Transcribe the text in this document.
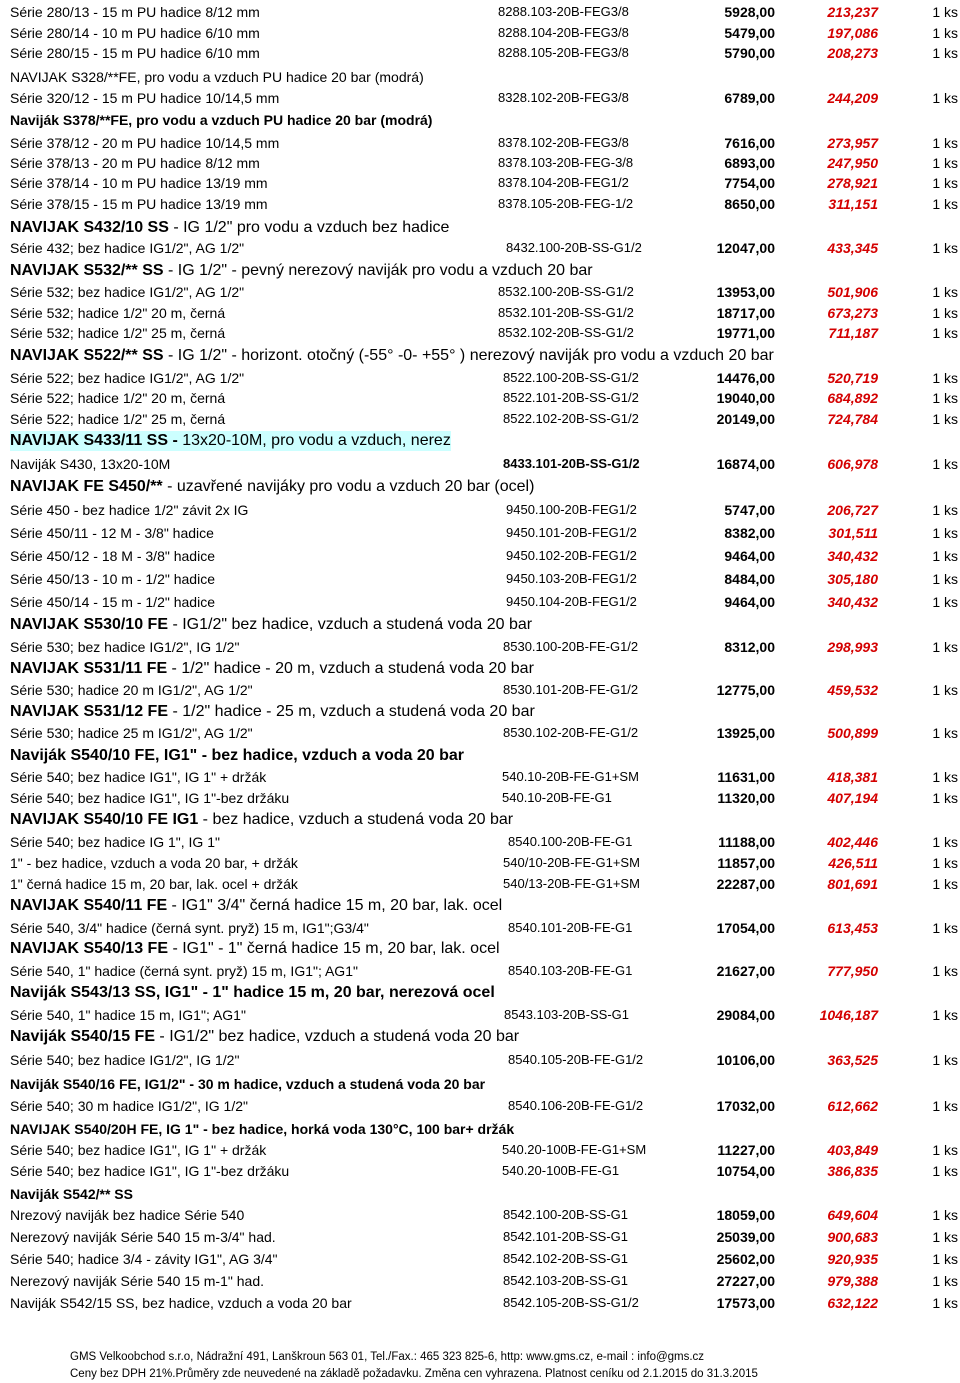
Série 280/13 - 15 m PU hadice 8/12 mm	8288.103-20B-FEG3/8	5928,00	213,237	1 ks
Série 280/14 - 10 m PU hadice 6/10 mm	8288.104-20B-FEG3/8	5479,00	197,086	1 ks
Série 280/15 - 15 m PU hadice 6/10 mm	8288.105-20B-FEG3/8	5790,00	208,273	1 ks
NAVIJAK S328/**FE, pro vodu a vzduch PU hadice 20 bar (modrá)
Série 320/12 - 15 m PU hadice 10/14,5 mm	8328.102-20B-FEG3/8	6789,00	244,209	1 ks
Naviják S378/**FE, pro vodu a vzduch PU hadice 20 bar (modrá)
Série 378/12 - 20 m PU hadice 10/14,5 mm	8378.102-20B-FEG3/8	7616,00	273,957	1 ks
Série 378/13 - 20 m PU hadice 8/12 mm	8378.103-20B-FEG-3/8	6893,00	247,950	1 ks
Série 378/14 - 10 m PU hadice 13/19 mm	8378.104-20B-FEG1/2	7754,00	278,921	1 ks
Série 378/15 - 15 m PU hadice 13/19 mm	8378.105-20B-FEG-1/2	8650,00	311,151	1 ks
NAVIJAK S432/10 SS - IG 1/2" pro vodu a vzduch bez hadice
Série 432; bez hadice IG1/2", AG 1/2"	8432.100-20B-SS-G1/2	12047,00	433,345	1 ks
NAVIJAK S532/** SS - IG 1/2" - pevný nerezový naviják pro vodu a vzduch 20 bar
Série 532; bez hadice IG1/2", AG 1/2"	8532.100-20B-SS-G1/2	13953,00	501,906	1 ks
Série 532; hadice 1/2" 20 m, černá	8532.101-20B-SS-G1/2	18717,00	673,273	1 ks
Série 532; hadice 1/2" 25 m, černá	8532.102-20B-SS-G1/2	19771,00	711,187	1 ks
NAVIJAK S522/** SS - IG 1/2" - horizont. otočný (-55° -0- +55° ) nerezový naviják pro vodu a vzduch 20 bar
Série 522; bez hadice IG1/2", AG 1/2"	8522.100-20B-SS-G1/2	14476,00	520,719	1 ks
Série 522; hadice 1/2" 20 m, černá	8522.101-20B-SS-G1/2	19040,00	684,892	1 ks
Série 522; hadice 1/2" 25 m, černá	8522.102-20B-SS-G1/2	20149,00	724,784	1 ks
NAVIJAK S433/11 SS - 13x20-10M, pro vodu a vzduch, nerez
Naviják S430, 13x20-10M	8433.101-20B-SS-G1/2	16874,00	606,978	1 ks
NAVIJAK FE S450/** - uzavřené navijáky pro vodu a vzduch 20 bar (ocel)
Série 450 - bez hadice 1/2" závit 2x IG	9450.100-20B-FEG1/2	5747,00	206,727	1 ks
Série 450/11 - 12 M - 3/8" hadice	9450.101-20B-FEG1/2	8382,00	301,511	1 ks
Série 450/12 - 18 M - 3/8" hadice	9450.102-20B-FEG1/2	9464,00	340,432	1 ks
Série 450/13 - 10 m - 1/2" hadice	9450.103-20B-FEG1/2	8484,00	305,180	1 ks
Série 450/14 - 15 m - 1/2" hadice	9450.104-20B-FEG1/2	9464,00	340,432	1 ks
NAVIJAK S530/10 FE - IG1/2" bez hadice, vzduch a studená voda 20 bar
Série 530; bez hadice IG1/2", IG 1/2"	8530.100-20B-FE-G1/2	8312,00	298,993	1 ks
NAVIJAK S531/11 FE - 1/2" hadice - 20 m, vzduch a studená voda 20 bar
Série 530; hadice 20 m IG1/2", AG 1/2"	8530.101-20B-FE-G1/2	12775,00	459,532	1 ks
NAVIJAK S531/12 FE - 1/2" hadice - 25 m, vzduch a studená voda 20 bar
Série 530; hadice 25 m IG1/2", AG 1/2"	8530.102-20B-FE-G1/2	13925,00	500,899	1 ks
Naviják S540/10 FE, IG1" - bez hadice, vzduch a voda 20 bar
Série 540; bez hadice IG1", IG 1" + držák	540.10-20B-FE-G1+SM	11631,00	418,381	1 ks
Série 540; bez hadice IG1", IG 1"-bez držáku	540.10-20B-FE-G1	11320,00	407,194	1 ks
NAVIJAK S540/10 FE IG1 - bez hadice, vzduch a studená voda 20 bar
Série 540; bez hadice IG 1", IG 1"	8540.100-20B-FE-G1	11188,00	402,446	1 ks
1" - bez hadice, vzduch a voda 20 bar, + držák	540/10-20B-FE-G1+SM	11857,00	426,511	1 ks
1" černá hadice 15 m, 20 bar, lak. ocel + držák	540/13-20B-FE-G1+SM	22287,00	801,691	1 ks
NAVIJAK S540/11 FE - IG1" 3/4" černá hadice 15 m, 20 bar, lak. ocel
Série 540, 3/4" hadice (černá synt. pryž) 15 m, IG1";G3/4"	8540.101-20B-FE-G1	17054,00	613,453	1 ks
NAVIJAK S540/13 FE - IG1" - 1" černá hadice 15 m, 20 bar, lak. ocel
Série 540, 1" hadice (černá synt. pryž) 15 m, IG1"; AG1"	8540.103-20B-FE-G1	21627,00	777,950	1 ks
Naviják S543/13 SS, IG1" - 1" hadice 15 m, 20 bar, nerezová ocel
Série 540, 1" hadice 15 m, IG1"; AG1"	8543.103-20B-SS-G1	29084,00	1046,187	1 ks
Naviják S540/15 FE - IG1/2" bez hadice, vzduch a studená voda 20 bar
Série 540; bez hadice IG1/2", IG 1/2"	8540.105-20B-FE-G1/2	10106,00	363,525	1 ks
Naviják S540/16 FE, IG1/2" - 30 m hadice, vzduch a studená voda 20 bar
Série 540; 30 m hadice IG1/2", IG 1/2"	8540.106-20B-FE-G1/2	17032,00	612,662	1 ks
NAVIJAK S540/20H FE, IG 1" - bez hadice, horká voda 130°C, 100 bar+ držák
Série 540; bez hadice IG1", IG 1" + držák	540.20-100B-FE-G1+SM	11227,00	403,849	1 ks
Série 540; bez hadice IG1", IG 1"-bez držáku	540.20-100B-FE-G1	10754,00	386,835	1 ks
Naviják S542/** SS
Nrezový naviják bez hadice Série 540	8542.100-20B-SS-G1	18059,00	649,604	1 ks
Nerezový naviják Série 540 15 m-3/4" had.	8542.101-20B-SS-G1	25039,00	900,683	1 ks
Série 540; hadice 3/4 - závity IG1", AG 3/4"	8542.102-20B-SS-G1	25602,00	920,935	1 ks
Nerezový naviják Série 540 15 m-1" had.	8542.103-20B-SS-G1	27227,00	979,388	1 ks
Naviják S542/15 SS, bez hadice, vzduch a voda 20 bar	8542.105-20B-SS-G1/2	17573,00	632,122	1 ks
GMS Velkoobchod s.r.o, Nádražní 491, Lanškroun 563 01, Tel./Fax.: 465 323 825-6, http: www.gms.cz, e-mail : info@gms.cz
Ceny bez DPH 21%.Průměry zde neuvedené na základě požadavku. Změna cen vyhrazena. Platnost ceníku od 2.1.2015 do 31.3.2015
